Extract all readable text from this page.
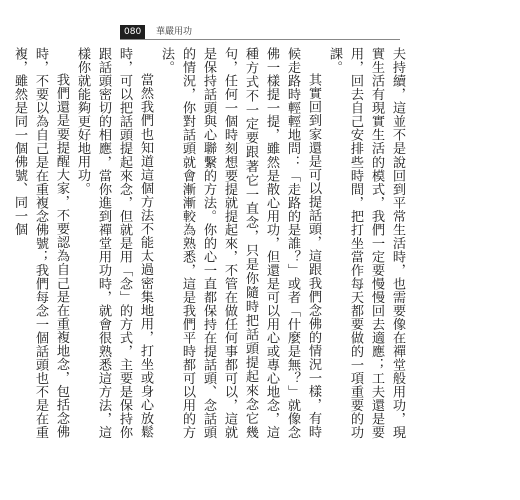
080	華嚴用功

夫持續，這並不是說回到平常生活時，也需要像在禪堂般用功，現實生活有現實生活的模式，我們一定要慢慢回去適應；工夫還是要用，回去自己安排些時間，把打坐當作每天都要做的一項重要的功課。

其實回到家還是可以提話頭，這跟我們念佛的情況一樣，有時候走路時輕輕地問：「走路的是誰？」或者「什麼是無？」就像念佛一樣提一提，雖然是散心用功，但還是可以用心或專心地念，這種方式不一定要跟著它一直念，只是你隨時把話頭提起來念它幾句，任何一個時刻想要提就提起來，不管在做任何事都可以，這就是保持話頭與心聯繫的方法。你的心一直都保持在提話頭、念話頭的情況，你對話頭就會漸漸較為熟悉，這是我們平時都可以用的方法。

當然我們也知道這個方法不能太過密集地用，打坐或身心放鬆時，可以把話頭提起來念，但就是用「念」的方式，主要是保持你跟話頭密切的相應，當你進到禪堂用功時，就會很熟悉這方法，這樣你就能夠更好地用功。

我們還是要提醒大家，不要認為自己是在重複地念，包括念佛時，不要以為自己是在重複念佛號；我們每念一個話頭也不是在重複，雖然是同一個佛號、同一個
